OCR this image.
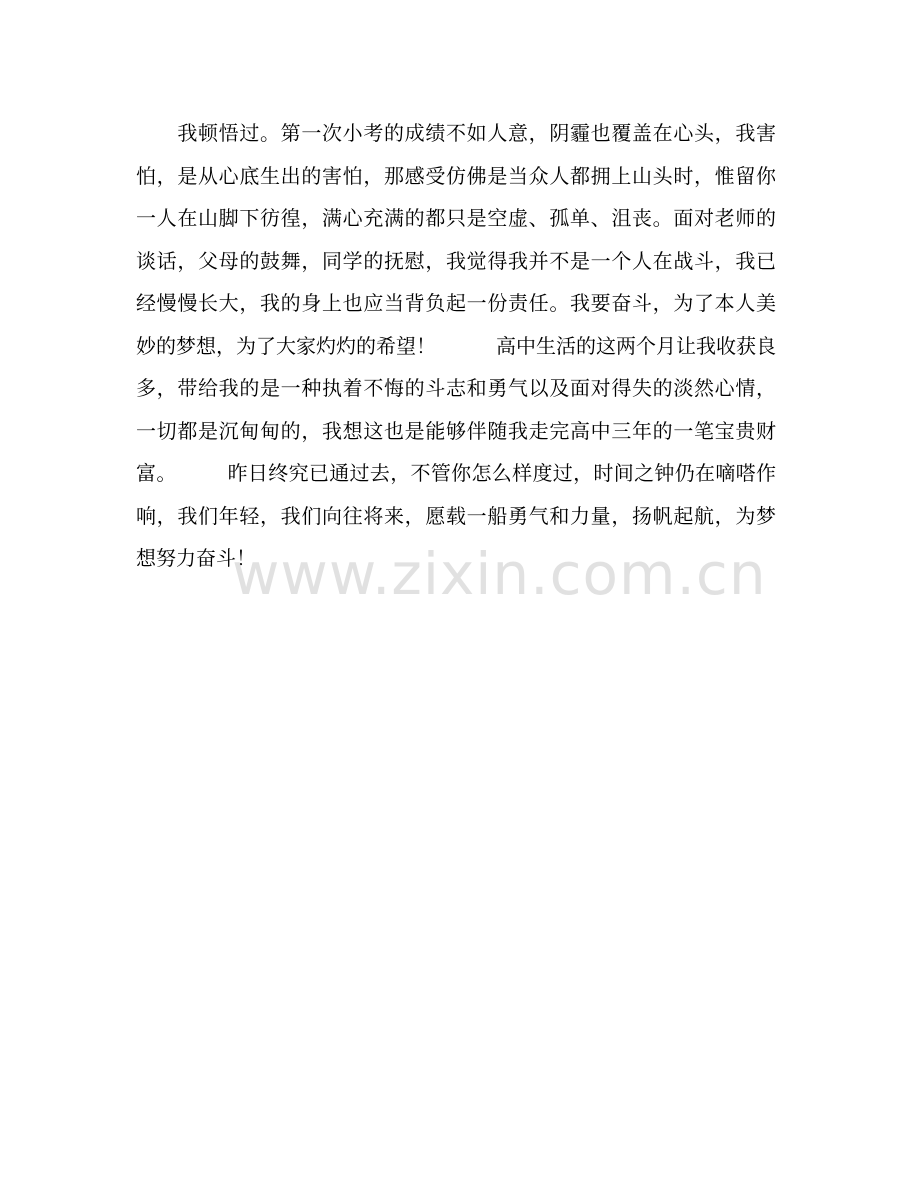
　　我顿悟过。第一次小考的成绩不如人意，阴霾也覆盖在心头，我害
怕，是从心底生出的害怕，那感受仿佛是当众人都拥上山头时，惟留你
一人在山脚下彷徨，满心充满的都只是空虚、孤单、沮丧。面对老师的
谈话，父母的鼓舞，同学的抚慰，我觉得我并不是一个人在战斗，我已
经慢慢长大，我的身上也应当背负起一份责任。我要奋斗，为了本人美
妙的梦想，为了大家灼灼的希望！　　　高中生活的这两个月让我收获良
多，带给我的是一种执着不悔的斗志和勇气以及面对得失的淡然心情，
一切都是沉甸甸的，我想这也是能够伴随我走完高中三年的一笔宝贵财
富。　　　昨日终究已通过去，不管你怎么样度过，时间之钟仍在嘀嗒作
响，我们年轻，我们向往将来，愿载一船勇气和力量，扬帆起航，为梦
想努力奋斗！

www.zixin.com.cn
